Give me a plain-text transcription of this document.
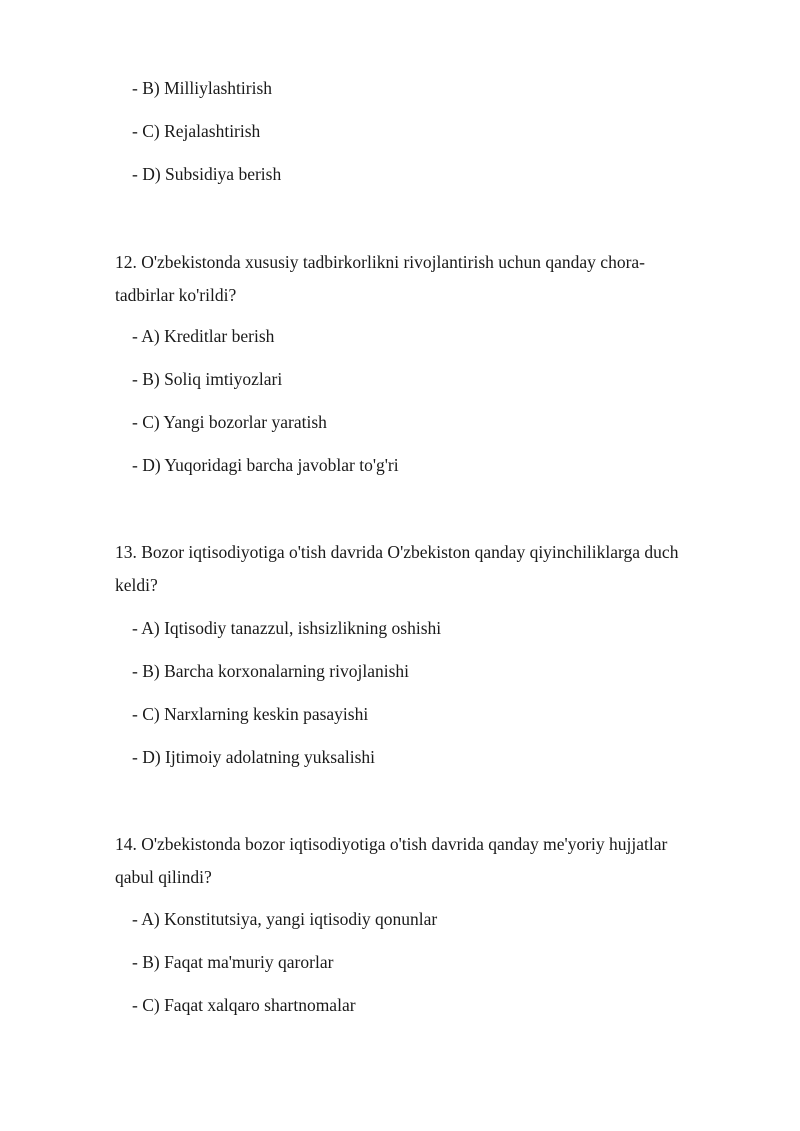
- B) Milliylashtirish
- C) Rejalashtirish
- D) Subsidiya berish
12. O'zbekistonda xususiy tadbirkorlikni rivojlantirish uchun qanday chora-
tadbirlar ko'rildi?
- A) Kreditlar berish
- B) Soliq imtiyozlari
- C) Yangi bozorlar yaratish
- D) Yuqoridagi barcha javoblar to'g'ri
13. Bozor iqtisodiyotiga o'tish davrida O'zbekiston qanday qiyinchiliklarga duch
keldi?
- A) Iqtisodiy tanazzul, ishsizlikning oshishi
- B) Barcha korxonalarning rivojlanishi
- C) Narxlarning keskin pasayishi
- D) Ijtimoiy adolatning yuksalishi
14. O'zbekistonda bozor iqtisodiyotiga o'tish davrida qanday me'yoriy hujjatlar
qabul qilindi?
- A) Konstitutsiya, yangi iqtisodiy qonunlar
- B) Faqat ma'muriy qarorlar
- C) Faqat xalqaro shartnomalar
